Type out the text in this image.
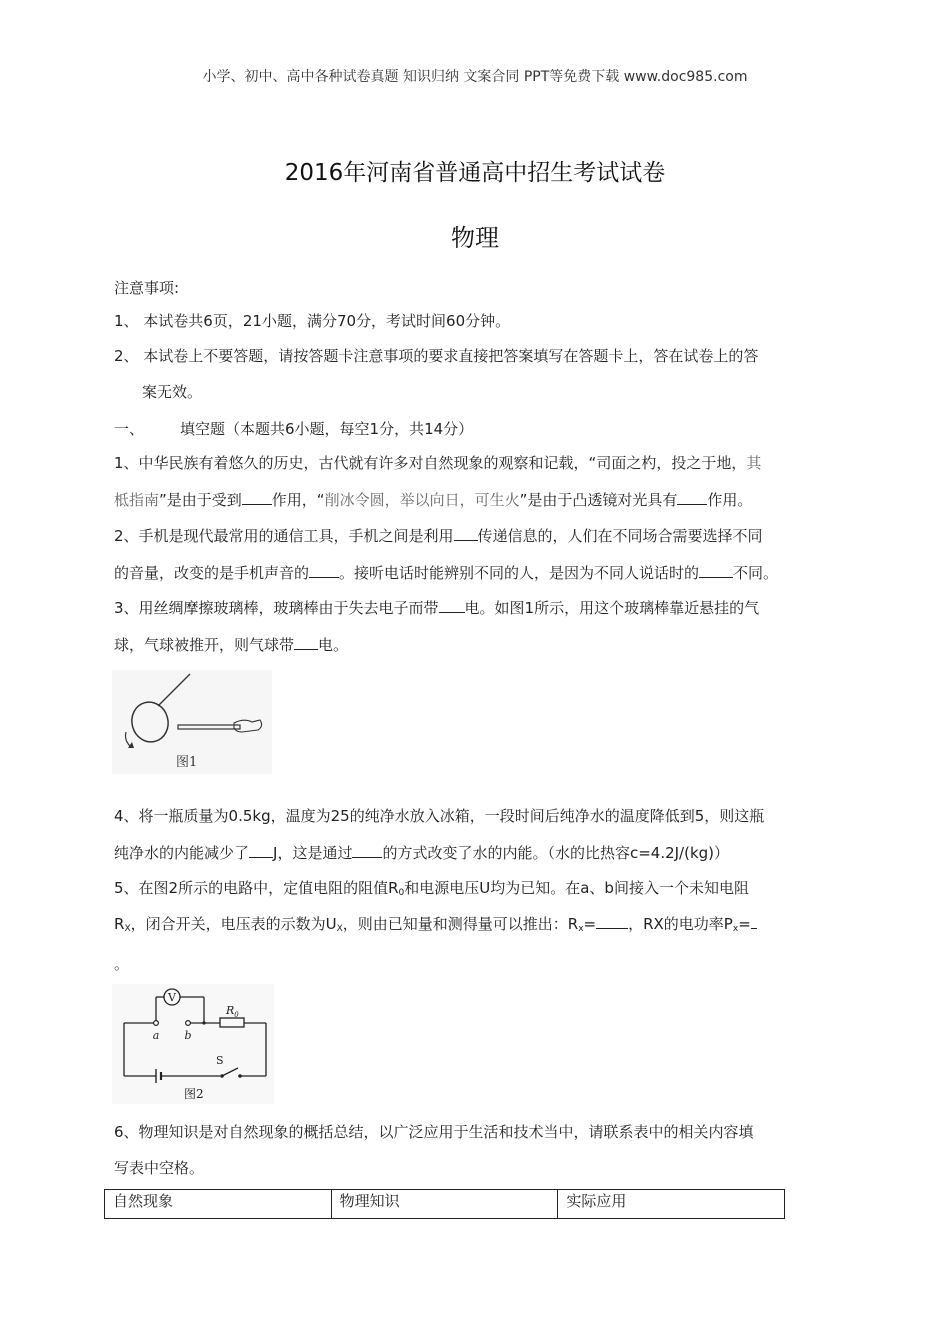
小学、初中、高中各种试卷真题 知识归纳 文案合同 PPT等免费下载 www.doc985.com
2016年河南省普通高中招生考试试卷
物理
注意事项:
1、 本试卷共6页，21小题，满分70分，考试时间60分钟。
2、 本试卷上不要答题，请按答题卡注意事项的要求直接把答案填写在答题卡上，答在试卷上的答
案无效。
一、 填空题（本题共6小题，每空1分，共14分）
1、中华民族有着悠久的历史，古代就有许多对自然现象的观察和记载，“司面之杓，投之于地，其
柢指南”是由于受到 作用，“削冰令圆，举以向日，可生火”是由于凸透镜对光具有 作用。
2、手机是现代最常用的通信工具，手机之间是利用 传递信息的，人们在不同场合需要选择不同
的音量，改变的是手机声音的 。接听电话时能辨别不同的人，是因为不同人说话时的 不同。
3、用丝绸摩擦玻璃棒，玻璃棒由于失去电子而带 电。如图1所示，用这个玻璃棒靠近悬挂的气
球，气球被推开，则气球带 电。
图1
4、将一瓶质量为0.5kg，温度为25的纯净水放入冰箱，一段时间后纯净水的温度降低到5，则这瓶
纯净水的内能减少了 J，这是通过 的方式改变了水的内能。（水的比热容c=4.2J/(kg)）
5、在图2所示的电路中，定值电阻的阻值$R_0$和电源电压U均为已知。在a、b间接入一个未知电阻
$R_X$，闭合开关，电压表的示数为$U_X$，则由已知量和测得量可以推出：$R_x=$ ，RX的电功率$P_x=$
。
V
$R_0$
a b
S
图2
6、物理知识是对自然现象的概括总结，以广泛应用于生活和技术当中，请联系表中的相关内容填
写表中空格。
自然现象	物理知识	实际应用
